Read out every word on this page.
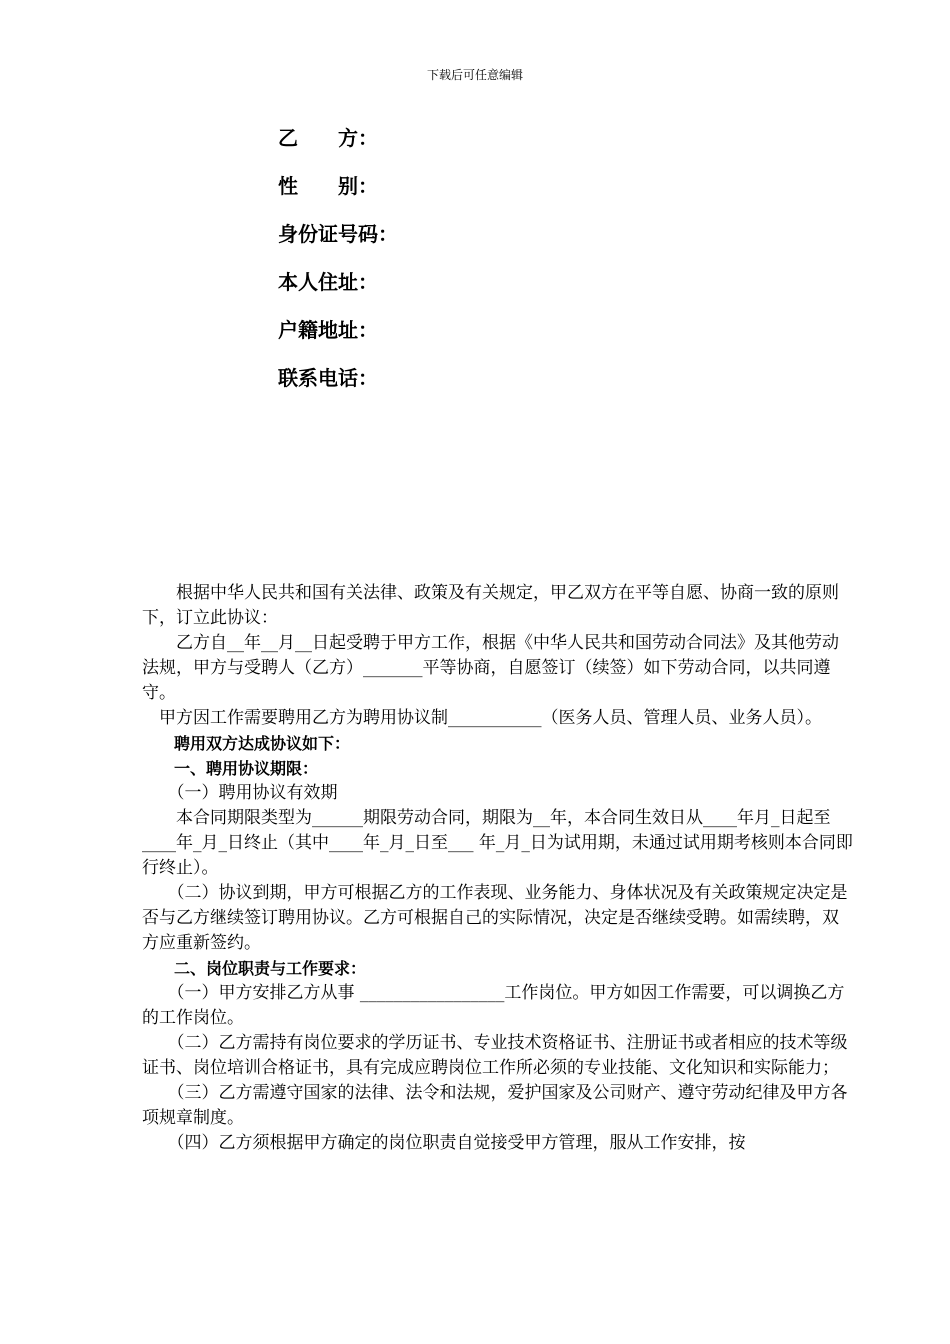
下载后可任意编辑
乙　　方：
性　　别：
身份证号码：
本人住址：
户籍地址：
联系电话：

　　根据中华人民共和国有关法律、政策及有关规定，甲乙双方在平等自愿、协商一致的原则下，订立此协议：

　　乙方自__年__月__日起受聘于甲方工作，根据《中华人民共和国劳动合同法》及其他劳动法规，甲方与受聘人（乙方）_______平等协商，自愿签订（续签）如下劳动合同，以共同遵守。

　甲方因工作需要聘用乙方为聘用协议制___________（医务人员、管理人员、业务人员）。

　　聘用双方达成协议如下：

　　一、聘用协议期限：

　　（一）聘用协议有效期

　　本合同期限类型为______期限劳动合同，期限为__年，本合同生效日从____年月_日起至____年_月_日终止（其中____年_月_日至___ 年_月_日为试用期，未通过试用期考核则本合同即行终止）。

　　（二）协议到期，甲方可根据乙方的工作表现、业务能力、身体状况及有关政策规定决定是否与乙方继续签订聘用协议。乙方可根据自己的实际情况，决定是否继续受聘。如需续聘，双方应重新签约。

　　二、岗位职责与工作要求：

　　（一）甲方安排乙方从事 _________________工作岗位。甲方如因工作需要，可以调换乙方的工作岗位。

　　（二）乙方需持有岗位要求的学历证书、专业技术资格证书、注册证书或者相应的技术等级证书、岗位培训合格证书，具有完成应聘岗位工作所必须的专业技能、文化知识和实际能力；

　　（三）乙方需遵守国家的法律、法令和法规，爱护国家及公司财产、遵守劳动纪律及甲方各项规章制度。

　　（四）乙方须根据甲方确定的岗位职责自觉接受甲方管理，服从工作安排，按
